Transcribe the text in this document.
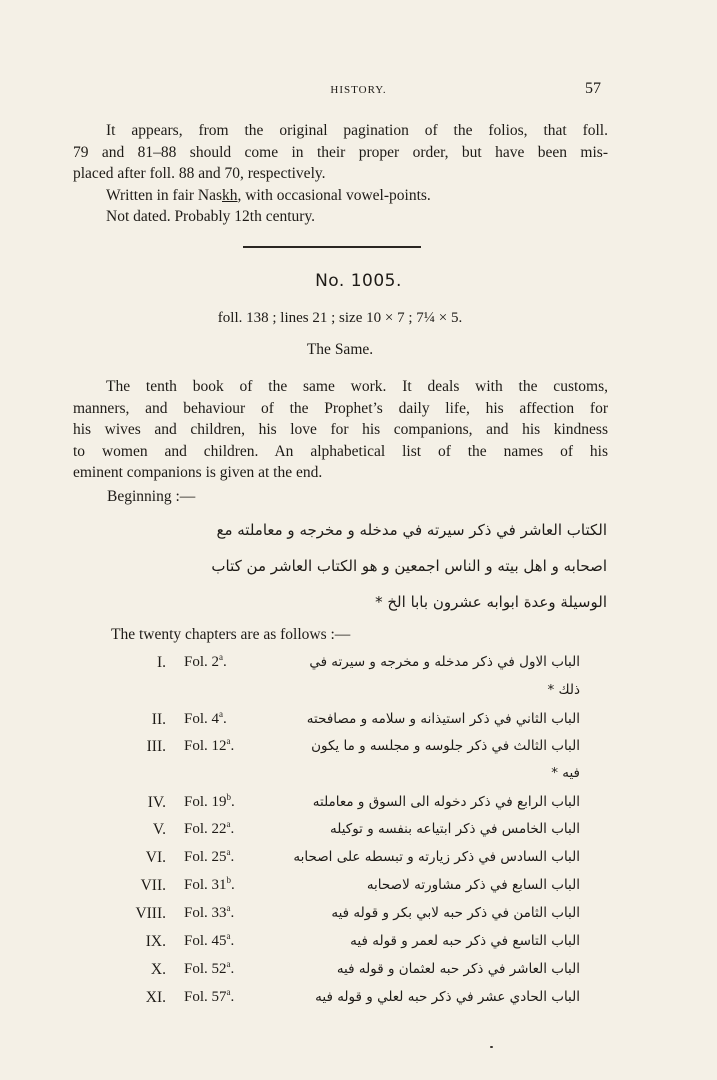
HISTORY.	57
It appears, from the original pagination of the folios, that foll.
79 and 81–88 should come in their proper order, but have been mis-
placed after foll. 88 and 70, respectively.
Written in fair Naskh, with occasional vowel-points.
Not dated. Probably 12th century.
No. 1005.
foll. 138 ; lines 21 ; size 10 × 7 ; 7¼ × 5.
The Same.
The tenth book of the same work. It deals with the customs,
manners, and behaviour of the Prophet’s daily life, his affection for
his wives and children, his love for his companions, and his kindness
to women and children. An alphabetical list of the names of his
eminent companions is given at the end.
Beginning :—
الكتاب العاشر في ذكر سيرته في مدخله و مخرجه و معاملته مع
اصحابه و اهل بيته و الناس اجمعين و هو الكتاب العاشر من كتاب
الوسيلة وعدة ابوابه عشرون بابا الخ *
The twenty chapters are as follows :—
I. Fol. 2$^a$.	الباب الاول في ذكر مدخله و مخرجه و سيرته في
ذلك *
II. Fol. 4$^a$.	الباب الثاني في ذكر استيذانه و سلامه و مصافحته
III. Fol. 12$^a$.	الباب الثالث في ذكر جلوسه و مجلسه و ما يكون
فيه *
IV. Fol. 19$^b$.	الباب الرابع في ذكر دخوله الى السوق و معاملته
V. Fol. 22$^a$.	الباب الخامس في ذكر ابتياعه بنفسه و توكيله
VI. Fol. 25$^a$.	الباب السادس في ذكر زيارته و تبسطه على اصحابه
VII. Fol. 31$^b$.	الباب السابع في ذكر مشاورته لاصحابه
VIII. Fol. 33$^a$.	الباب الثامن في ذكر حبه لابي بكر و قوله فيه
IX. Fol. 45$^a$.	الباب التاسع في ذكر حبه لعمر و قوله فيه
X. Fol. 52$^a$.	الباب العاشر في ذكر حبه لعثمان و قوله فيه
XI. Fol. 57$^a$.	الباب الحادي عشر في ذكر حبه لعلي و قوله فيه
